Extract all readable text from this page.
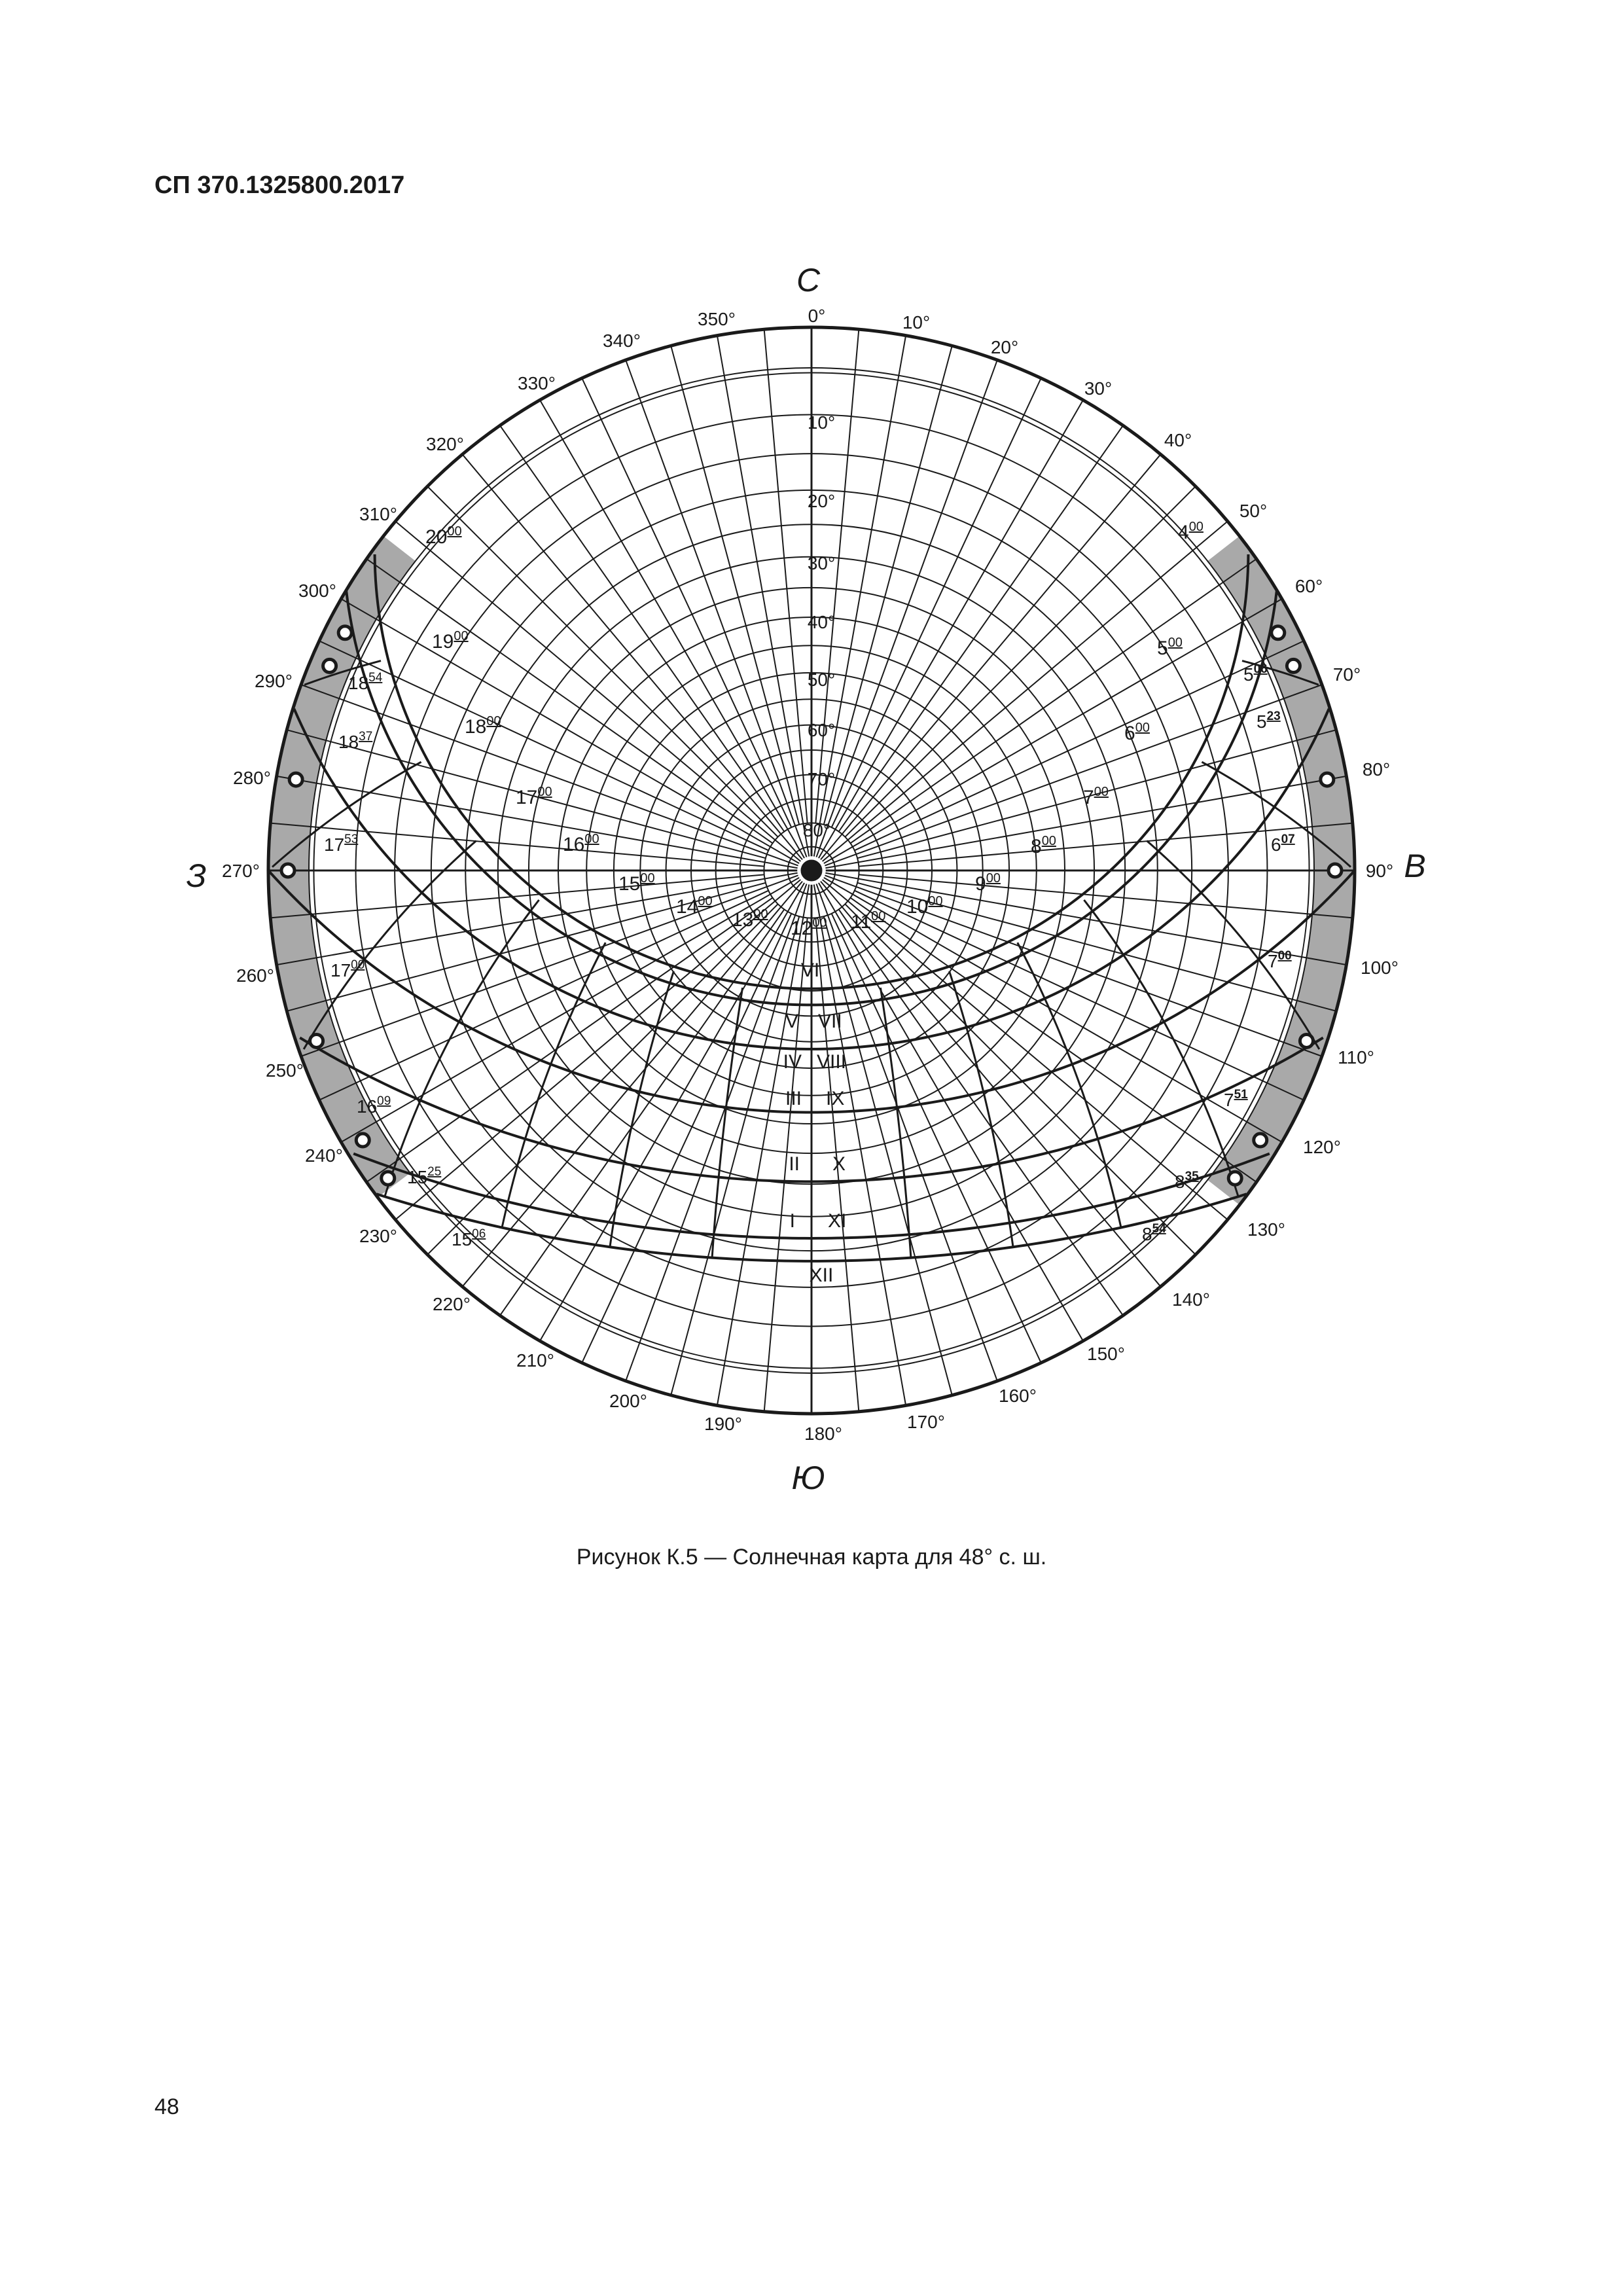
СП 370.1325800.2017
С
В
Ю
З
0°	10°
20°
30°
40°
50°
60°
70°
80°
90°
100°
110°
120°
130°
140°
150°
160°
170°
180°
190°
200°
210°
220°
230°
240°
250°
260°
270°
280°
290°
300°
310°
320°
330°
340°
350°
10°
20°
30°
40°
50°
60°
70°
80°
$20^{00}$
$19^{00}$
$18^{00}$
$17^{00}$
$16^{00}$
$15^{00}$
$14^{00}$
$13^{00}$
$12^{00}$ $11^{00}$ $10^{00}$
$9^{00}$
$8^{00}$
$7^{00}$
$6^{00}$
$5^{00}$
$4^{00}$
VI
V VII
IV VIII
III IX
II X
I XI
XII
$5^{06}$
$5^{23}$
$6^{07}$
$7^{00}$
$7^{51}$
$8^{35}$
$8^{54}$
$18^{54}$
$18^{37}$
$17^{53}$
$17^{00}$
$16^{09}$
$15^{25}$
$15^{06}$
Рисунок К.5 — Солнечная карта для 48° с. ш.
48
